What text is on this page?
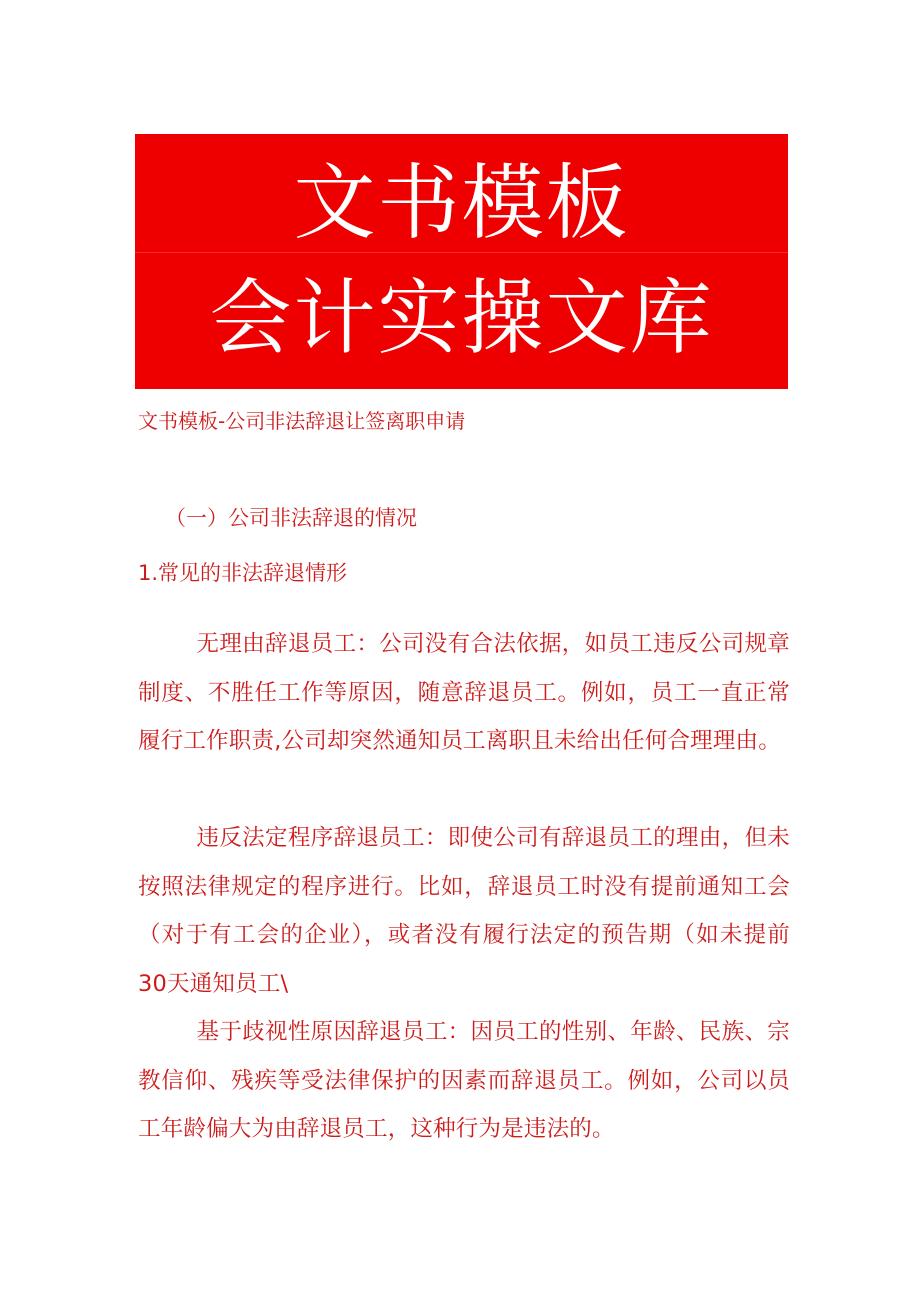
文书模板
会计实操文库
文书模板-公司非法辞退让签离职申请
（一）公司非法辞退的情况
1.常见的非法辞退情形

无理由辞退员工：公司没有合法依据，如员工违反公司规章制度、不胜任工作等原因，随意辞退员工。例如，员工一直正常履行工作职责,公司却突然通知员工离职且未给出任何合理理由。

违反法定程序辞退员工：即使公司有辞退员工的理由，但未按照法律规定的程序进行。比如，辞退员工时没有提前通知工会（对于有工会的企业），或者没有履行法定的预告期（如未提前30天通知员工\

基于歧视性原因辞退员工：因员工的性别、年龄、民族、宗教信仰、残疾等受法律保护的因素而辞退员工。例如，公司以员工年龄偏大为由辞退员工，这种行为是违法的。
